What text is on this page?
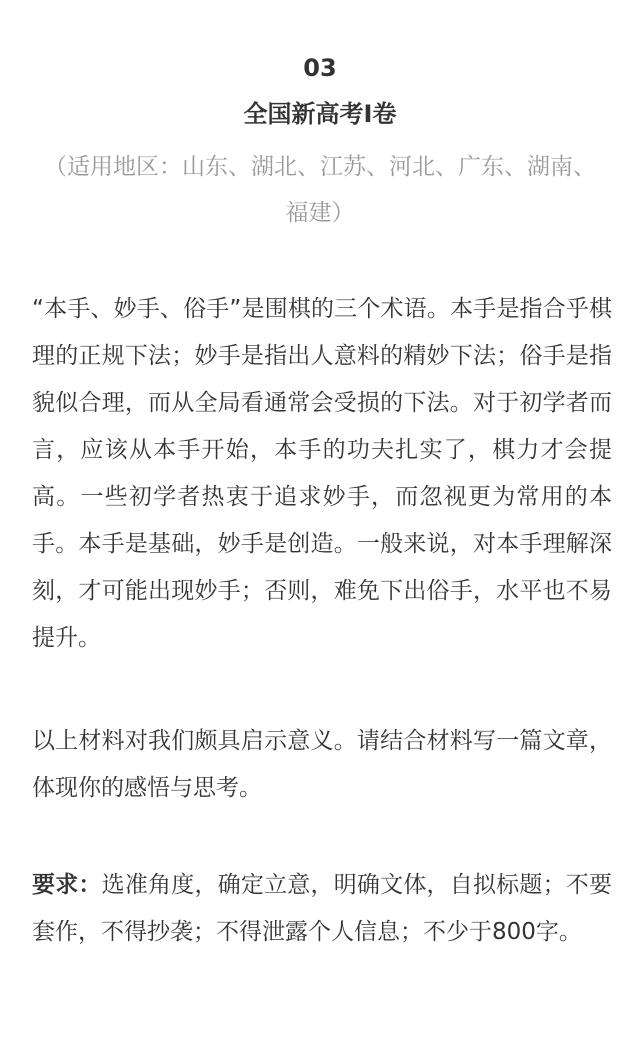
03
全国新高考Ⅰ卷
（适用地区：山东、湖北、江苏、河北、广东、湖南、福建）
“本手、妙手、俗手”是围棋的三个术语。本手是指合乎棋理的正规下法；妙手是指出人意料的精妙下法；俗手是指貌似合理，而从全局看通常会受损的下法。对于初学者而言，应该从本手开始，本手的功夫扎实了，棋力才会提高。一些初学者热衷于追求妙手，而忽视更为常用的本手。本手是基础，妙手是创造。一般来说，对本手理解深刻，才可能出现妙手；否则，难免下出俗手，水平也不易提升。
以上材料对我们颇具启示意义。请结合材料写一篇文章，体现你的感悟与思考。
要求：选准角度，确定立意，明确文体，自拟标题；不要套作，不得抄袭；不得泄露个人信息；不少于800字。
